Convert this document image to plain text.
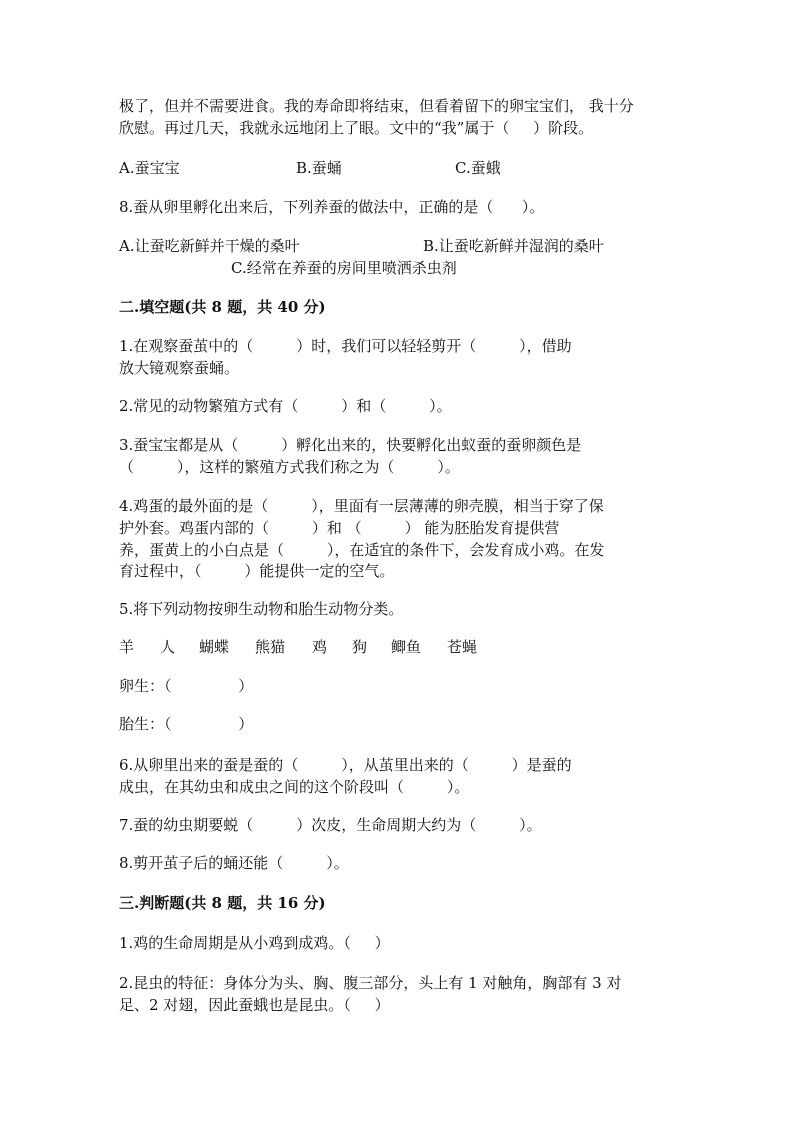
极了，但并不需要进食。我的寿命即将结束，但看着留下的卵宝宝们， 我十分
欣慰。再过几天，我就永远地闭上了眼。文中的“我”属于（     ）阶段。
A.蚕宝宝	B.蚕蛹	C.蚕蛾
8.蚕从卵里孵化出来后，下列养蚕的做法中，正确的是（      ）。
A.让蚕吃新鲜并干燥的桑叶	B.让蚕吃新鲜并湿润的桑叶
C.经常在养蚕的房间里喷洒杀虫剂
二.填空题(共 8 题，共 40 分)
1.在观察蚕茧中的（         ）时，我们可以轻轻剪开（         ），借助
放大镜观察蚕蛹。
2.常见的动物繁殖方式有（         ）和（         ）。
3.蚕宝宝都是从（         ）孵化出来的，快要孵化出蚁蚕的蚕卵颜色是
（         ），这样的繁殖方式我们称之为（         ）。
4.鸡蛋的最外面的是（         ），里面有一层薄薄的卵壳膜，相当于穿了保
护外套。鸡蛋内部的（         ）和 （         ） 能为胚胎发育提供营
养，蛋黄上的小白点是（         ），在适宜的条件下，会发育成小鸡。在发
育过程中，（         ）能提供一定的空气。
5.将下列动物按卵生动物和胎生动物分类。
羊 人 蝴蝶 熊猫 鸡 狗 鲫鱼 苍蝇
卵生：（              ）
胎生：（              ）
6.从卵里出来的蚕是蚕的（         ），从茧里出来的（         ）是蚕的
成虫，在其幼虫和成虫之间的这个阶段叫（         ）。
7.蚕的幼虫期要蜕（         ）次皮，生命周期大约为（         ）。
8.剪开茧子后的蛹还能（         ）。
三.判断题(共 8 题，共 16 分)
1.鸡的生命周期是从小鸡到成鸡。（     ）
2.昆虫的特征：身体分为头、胸、腹三部分，头上有 1 对触角，胸部有 3 对
足、2 对翅，因此蚕蛾也是昆虫。（     ）
